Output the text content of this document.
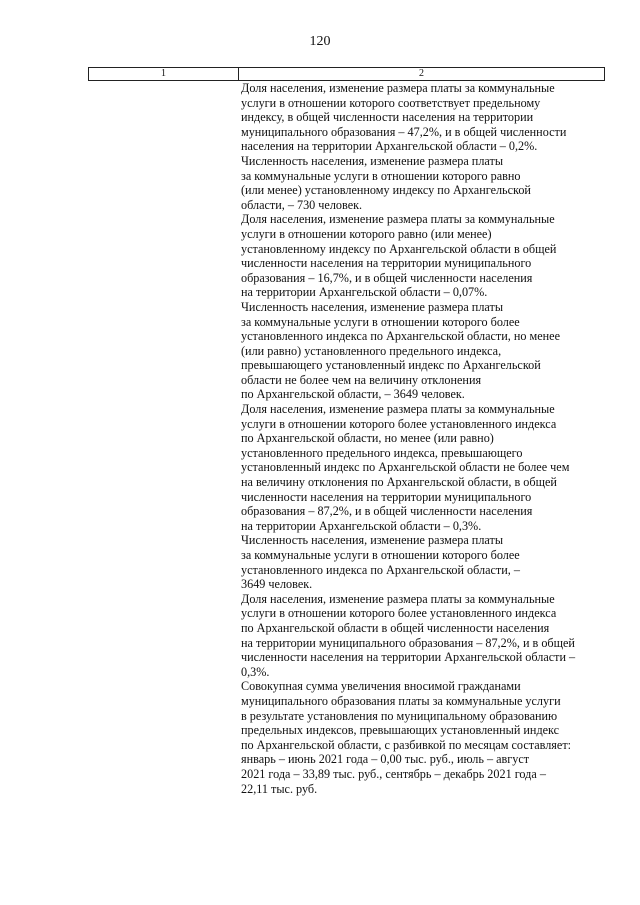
120
1	2

Доля населения, изменение размера платы за коммунальные
услуги в отношении которого соответствует предельному
индексу, в общей численности населения на территории
муниципального образования – 47,2%, и в общей численности
населения на территории Архангельской области – 0,2%.

Численность населения, изменение размера платы
за коммунальные услуги в отношении которого равно
(или менее) установленному индексу по Архангельской
области, – 730 человек.

Доля населения, изменение размера платы за коммунальные
услуги в отношении которого равно (или менее)
установленному индексу по Архангельской области в общей
численности населения на территории муниципального
образования – 16,7%, и в общей численности населения
на территории Архангельской области – 0,07%.

Численность населения, изменение размера платы
за коммунальные услуги в отношении которого более
установленного индекса по Архангельской области, но менее
(или равно) установленного предельного индекса,
превышающего установленный индекс по Архангельской
области не более чем на величину отклонения
по Архангельской области, – 3649 человек.

Доля населения, изменение размера платы за коммунальные
услуги в отношении которого более установленного индекса
по Архангельской области, но менее (или равно)
установленного предельного индекса, превышающего
установленный индекс по Архангельской области не более чем
на величину отклонения по Архангельской области, в общей
численности населения на территории муниципального
образования – 87,2%, и в общей численности населения
на территории Архангельской области – 0,3%.

Численность населения, изменение размера платы
за коммунальные услуги в отношении которого более
установленного индекса по Архангельской области, –
3649 человек.

Доля населения, изменение размера платы за коммунальные
услуги в отношении которого более установленного индекса
по Архангельской области в общей численности населения
на территории муниципального образования – 87,2%, и в общей
численности населения на территории Архангельской области –
0,3%.

Совокупная сумма увеличения вносимой гражданами
муниципального образования платы за коммунальные услуги
в результате установления по муниципальному образованию
предельных индексов, превышающих установленный индекс
по Архангельской области, с разбивкой по месяцам составляет:
январь – июнь 2021 года – 0,00 тыс. руб., июль – август
2021 года – 33,89 тыс. руб., сентябрь – декабрь 2021 года –
22,11 тыс. руб.
